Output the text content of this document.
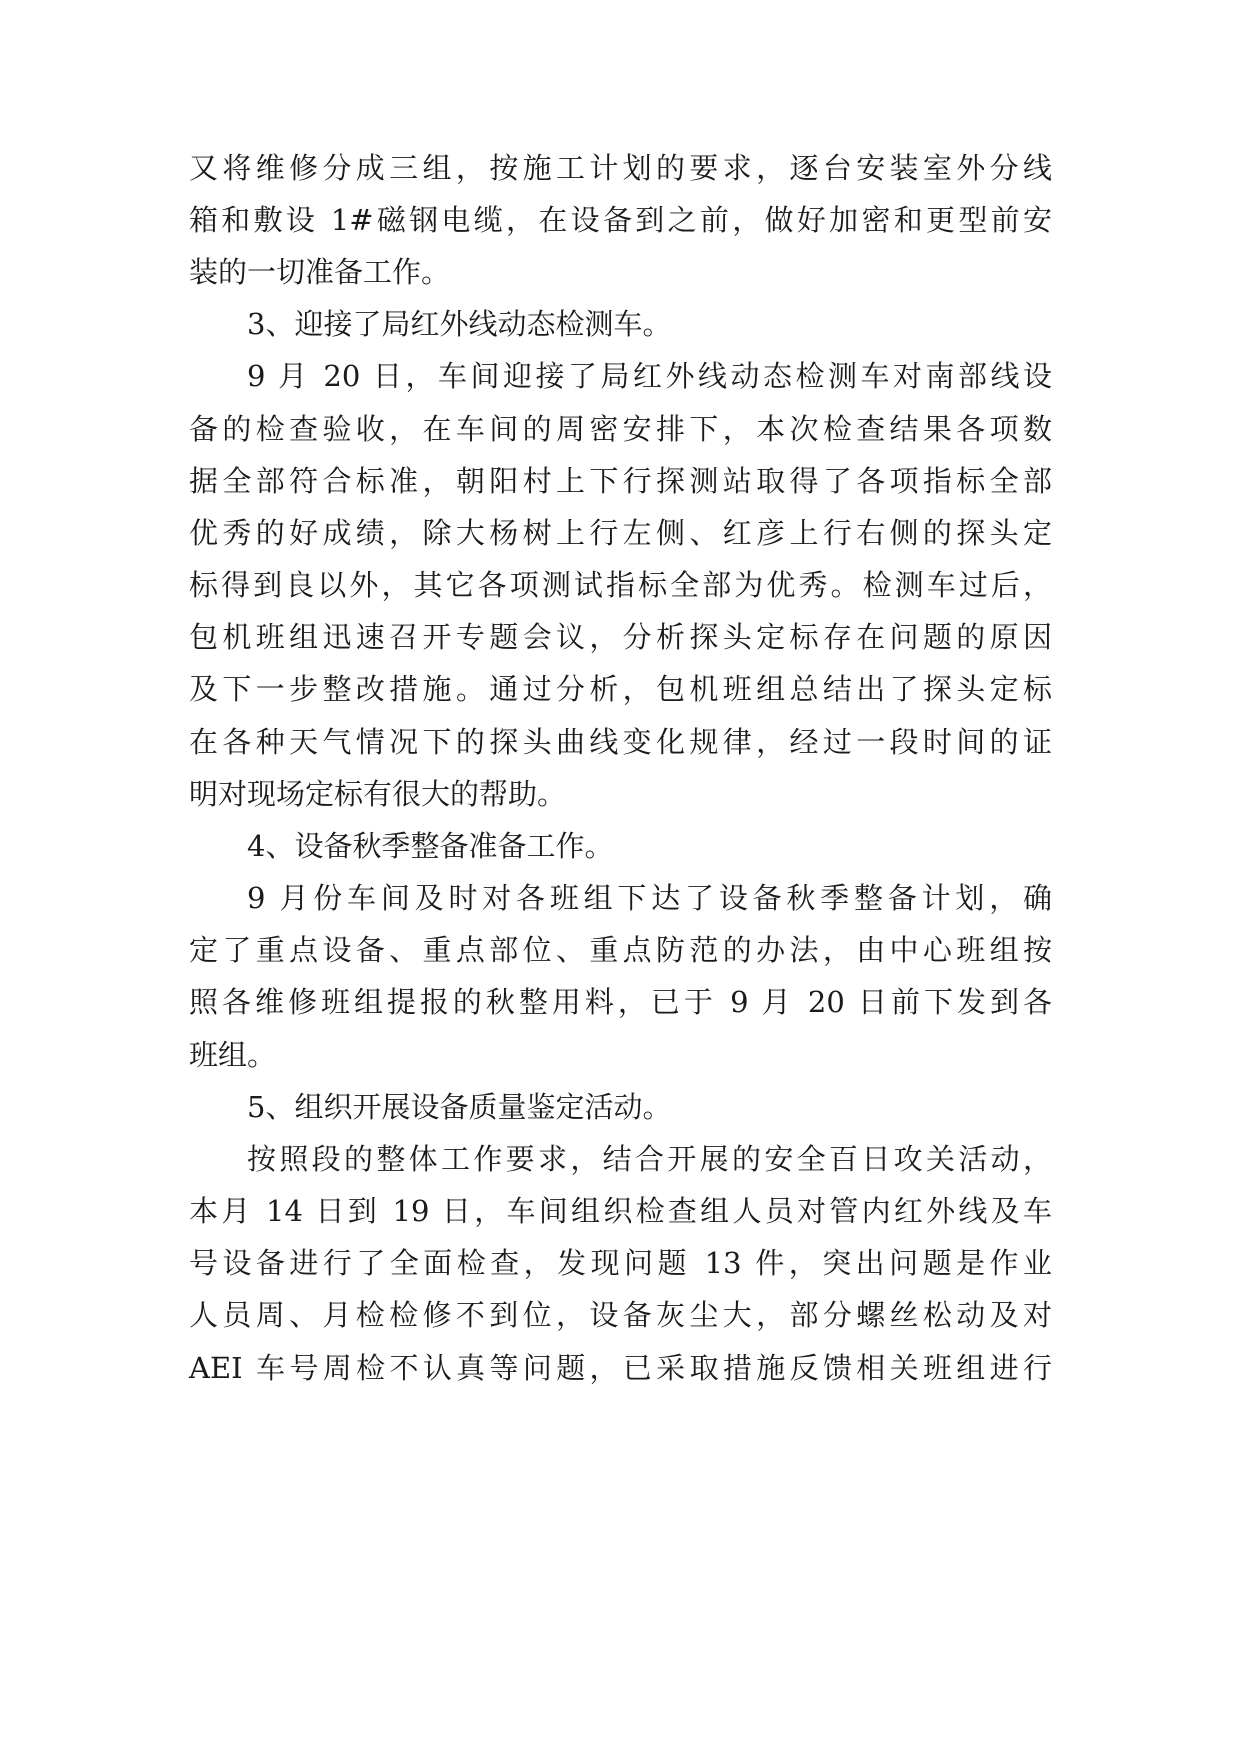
又将维修分成三组，按施工计划的要求，逐台安装室外分线
箱和敷设 1#磁钢电缆，在设备到之前，做好加密和更型前安
装的一切准备工作。
3、迎接了局红外线动态检测车。
9 月 20 日，车间迎接了局红外线动态检测车对南部线设
备的检查验收，在车间的周密安排下，本次检查结果各项数
据全部符合标准，朝阳村上下行探测站取得了各项指标全部
优秀的好成绩，除大杨树上行左侧、红彦上行右侧的探头定
标得到良以外，其它各项测试指标全部为优秀。检测车过后，
包机班组迅速召开专题会议，分析探头定标存在问题的原因
及下一步整改措施。通过分析，包机班组总结出了探头定标
在各种天气情况下的探头曲线变化规律，经过一段时间的证
明对现场定标有很大的帮助。
4、设备秋季整备准备工作。
9 月份车间及时对各班组下达了设备秋季整备计划，确
定了重点设备、重点部位、重点防范的办法，由中心班组按
照各维修班组提报的秋整用料，已于 9 月 20 日前下发到各
班组。
5、组织开展设备质量鉴定活动。
按照段的整体工作要求，结合开展的安全百日攻关活动，
本月 14 日到 19 日，车间组织检查组人员对管内红外线及车
号设备进行了全面检查，发现问题 13 件，突出问题是作业
人员周、月检检修不到位，设备灰尘大，部分螺丝松动及对
AEI 车号周检不认真等问题，已采取措施反馈相关班组进行
